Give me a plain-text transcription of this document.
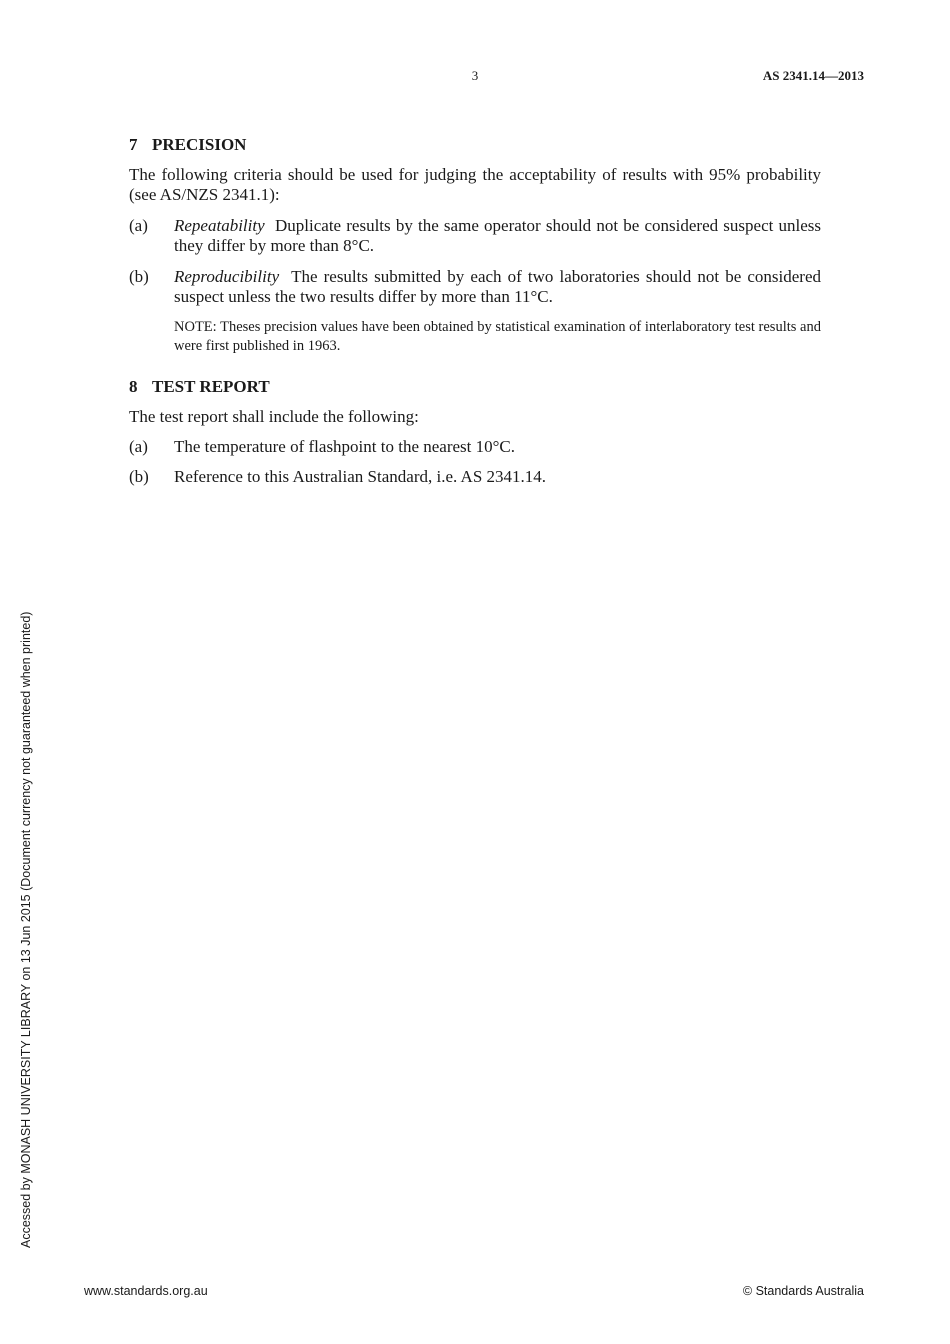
3	AS 2341.14—2013
7 PRECISION

The following criteria should be used for judging the acceptability of results with 95% probability (see AS/NZS 2341.1):

(a)	Repeatability Duplicate results by the same operator should not be considered suspect unless they differ by more than 8°C.
(b)	Reproducibility The results submitted by each of two laboratories should not be considered suspect unless the two results differ by more than 11°C.

NOTE: Theses precision values have been obtained by statistical examination of interlaboratory test results and were first published in 1963.

8 TEST REPORT

The test report shall include the following:

(a)	The temperature of flashpoint to the nearest 10°C.
(b)	Reference to this Australian Standard, i.e. AS 2341.14.
Accessed by MONASH UNIVERSITY LIBRARY on 13 Jun 2015 (Document currency not guaranteed when printed)
www.standards.org.au	© Standards Australia
